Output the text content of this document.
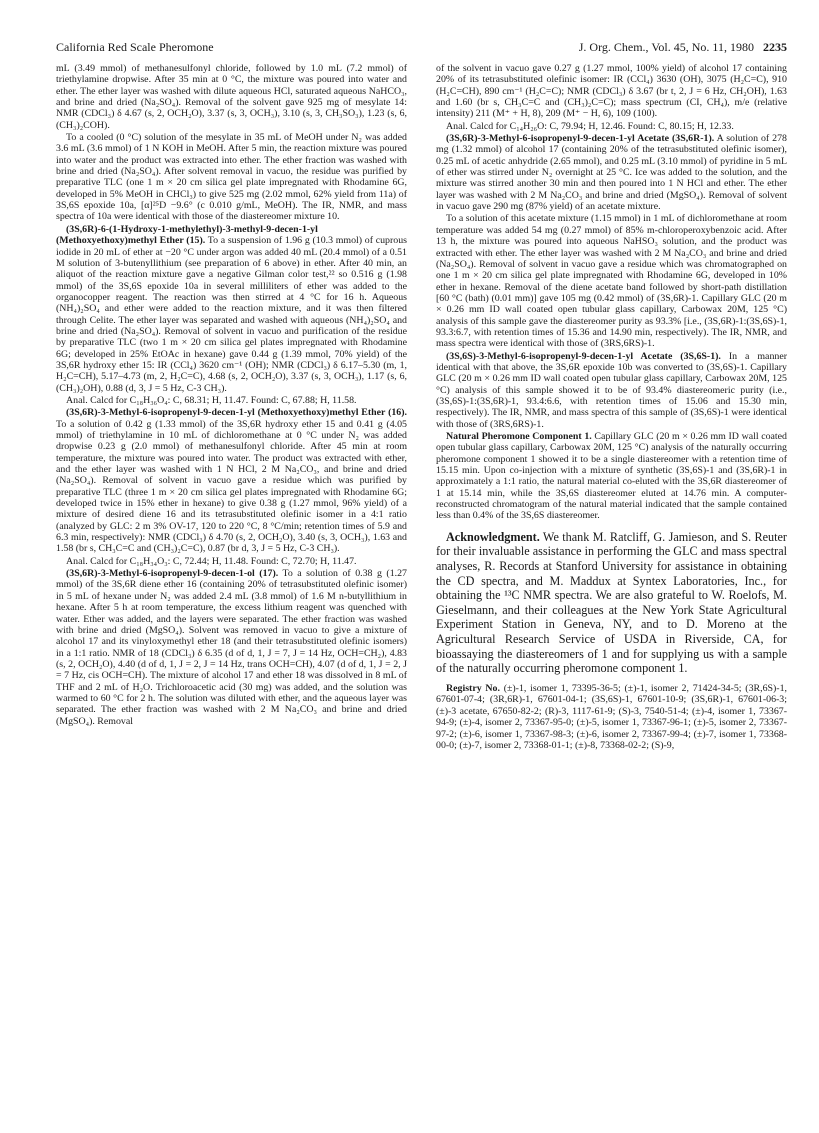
California Red Scale Pheromone	J. Org. Chem., Vol. 45, No. 11, 1980 2235

mL (3.49 mmol) of methanesulfonyl chloride, followed by 1.0 mL (7.2 mmol) of triethylamine dropwise. After 35 min at 0 °C, the mixture was poured into water and ether. The ether layer was washed with dilute aqueous HCl, saturated aqueous NaHCO₃, and brine and dried (Na₂SO₄). Removal of the solvent gave 925 mg of mesylate 14: NMR (CDCl₃) δ 4.67 (s, 2, OCH₂O), 3.37 (s, 3, OCH₃), 3.10 (s, 3, CH₃SO₃), 1.23 (s, 6, (CH₃)₂COH).

To a cooled (0 °C) solution of the mesylate in 35 mL of MeOH under N₂ was added 3.6 mL (3.6 mmol) of 1 N KOH in MeOH. After 5 min, the reaction mixture was poured into water and the product was extracted into ether. The ether fraction was washed with brine and dried (Na₂SO₄). After solvent removal in vacuo, the residue was purified by preparative TLC (one 1 m × 20 cm silica gel plate impregnated with Rhodamine 6G, developed in 5% MeOH in CHCl₃) to give 525 mg (2.02 mmol, 62% yield from 11a) of 3S,6S epoxide 10a, [α]²⁵D −9.6° (c 0.010 g/mL, MeOH). The IR, NMR, and mass spectra of 10a were identical with those of the diastereomer mixture 10.

(3S,6R)-6-(1-Hydroxy-1-methylethyl)-3-methyl-9-decen-1-yl (Methoxyethoxy)methyl Ether (15). To a suspension of 1.96 g (10.3 mmol) of cuprous iodide in 20 mL of ether at −20 °C under argon was added 40 mL (20.4 mmol) of a 0.51 M solution of 3-butenyllithium (see preparation of 6 above) in ether. After 40 min, an aliquot of the reaction mixture gave a negative Gilman color test,²² so 0.516 g (1.98 mmol) of the 3S,6S epoxide 10a in several milliliters of ether was added to the organocopper reagent. The reaction was then stirred at 4 °C for 16 h. Aqueous (NH₄)₂SO₄ and ether were added to the reaction mixture, and it was then filtered through Celite. The ether layer was separated and washed with aqueous (NH₄)₂SO₄ and brine and dried (Na₂SO₄). Removal of solvent in vacuo and purification of the residue by preparative TLC (two 1 m × 20 cm silica gel plates impregnated with Rhodamine 6G; developed in 25% EtOAc in hexane) gave 0.44 g (1.39 mmol, 70% yield) of the 3S,6R hydroxy ether 15: IR (CCl₄) 3620 cm⁻¹ (OH); NMR (CDCl₃) δ 6.17–5.30 (m, 1, H₂C=CH), 5.17–4.73 (m, 2, H₂C=C), 4.68 (s, 2, OCH₂O), 3.37 (s, 3, OCH₃), 1.17 (s, 6, (CH₃)₂OH), 0.88 (d, 3, J = 5 Hz, C-3 CH₃).

Anal. Calcd for C₁₈H₃₆O₄: C, 68.31; H, 11.47. Found: C, 67.88; H, 11.58.

(3S,6R)-3-Methyl-6-isopropenyl-9-decen-1-yl (Methoxyethoxy)methyl Ether (16). To a solution of 0.42 g (1.33 mmol) of the 3S,6R hydroxy ether 15 and 0.41 g (4.05 mmol) of triethylamine in 10 mL of dichloromethane at 0 °C under N₂ was added dropwise 0.23 g (2.0 mmol) of methanesulfonyl chloride. After 45 min at room temperature, the mixture was poured into water. The product was extracted with ether, and the ether layer was washed with 1 N HCl, 2 M Na₂CO₃, and brine and dried (Na₂SO₄). Removal of solvent in vacuo gave a residue which was purified by preparative TLC (three 1 m × 20 cm silica gel plates impregnated with Rhodamine 6G; developed twice in 15% ether in hexane) to give 0.38 g (1.27 mmol, 96% yield) of a mixture of desired diene 16 and its tetrasubstituted olefinic isomer in a 4:1 ratio (analyzed by GLC: 2 m 3% OV-17, 120 to 220 °C, 8 °C/min; retention times of 5.9 and 6.3 min, respectively): NMR (CDCl₃) δ 4.70 (s, 2, OCH₂O), 3.40 (s, 3, OCH₃), 1.63 and 1.58 (br s, CH₃C=C and (CH₃)₂C=C), 0.87 (br d, 3, J = 5 Hz, C-3 CH₃).

Anal. Calcd for C₁₈H₃₄O₃: C, 72.44; H, 11.48. Found: C, 72.70; H, 11.47.

(3S,6R)-3-Methyl-6-isopropenyl-9-decen-1-ol (17). To a solution of 0.38 g (1.27 mmol) of the 3S,6R diene ether 16 (containing 20% of tetrasubstituted olefinic isomer) in 5 mL of hexane under N₂ was added 2.4 mL (3.8 mmol) of 1.6 M n-butyllithium in hexane. After 5 h at room temperature, the excess lithium reagent was quenched with water. Ether was added, and the layers were separated. The ether fraction was washed with brine and dried (MgSO₄). Solvent was removed in vacuo to give a mixture of alcohol 17 and its vinyloxymethyl ether 18 (and their tetrasubstituted olefinic isomers) in a 1:1 ratio. NMR of 18 (CDCl₃) δ 6.35 (d of d, 1, J = 7, J = 14 Hz, OCH=CH₂), 4.83 (s, 2, OCH₂O), 4.40 (d of d, 1, J = 2, J = 14 Hz, trans OCH=CH), 4.07 (d of d, 1, J = 2, J = 7 Hz, cis OCH=CH). The mixture of alcohol 17 and ether 18 was dissolved in 8 mL of THF and 2 mL of H₂O. Trichloroacetic acid (30 mg) was added, and the solution was warmed to 60 °C for 2 h. The solution was diluted with ether, and the aqueous layer was separated. The ether fraction was washed with 2 M Na₂CO₃ and brine and dried (MgSO₄). Removal

of the solvent in vacuo gave 0.27 g (1.27 mmol, 100% yield) of alcohol 17 containing 20% of its tetrasubstituted olefinic isomer: IR (CCl₄) 3630 (OH), 3075 (H₂C=C), 910 (H₂C=CH), 890 cm⁻¹ (H₂C=C); NMR (CDCl₃) δ 3.67 (br t, 2, J = 6 Hz, CH₂OH), 1.63 and 1.60 (br s, CH₃C=C and (CH₃)₂C=C); mass spectrum (CI, CH₄), m/e (relative intensity) 211 (M⁺ + H, 8), 209 (M⁺ − H, 6), 109 (100).

Anal. Calcd for C₁₄H₂₆O: C, 79.94; H, 12.46. Found: C, 80.15; H, 12.33.

(3S,6R)-3-Methyl-6-isopropenyl-9-decen-1-yl Acetate (3S,6R-1). A solution of 278 mg (1.32 mmol) of alcohol 17 (containing 20% of the tetrasubstituted olefinic isomer), 0.25 mL of acetic anhydride (2.65 mmol), and 0.25 mL (3.10 mmol) of pyridine in 5 mL of ether was stirred under N₂ overnight at 25 °C. Ice was added to the solution, and the mixture was stirred another 30 min and then poured into 1 N HCl and ether. The ether layer was washed with 2 M Na₂CO₃ and brine and dried (MgSO₄). Removal of solvent in vacuo gave 290 mg (87% yield) of an acetate mixture.

To a solution of this acetate mixture (1.15 mmol) in 1 mL of dichloromethane at room temperature was added 54 mg (0.27 mmol) of 85% m-chloroperoxybenzoic acid. After 13 h, the mixture was poured into aqueous NaHSO₃ solution, and the product was extracted with ether. The ether layer was washed with 2 M Na₂CO₃ and brine and dried (Na₂SO₄). Removal of solvent in vacuo gave a residue which was chromatographed on one 1 m × 20 cm silica gel plate impregnated with Rhodamine 6G, developed in 10% ether in hexane. Removal of the diene acetate band followed by short-path distillation [60 °C (bath) (0.01 mm)] gave 105 mg (0.42 mmol) of (3S,6R)-1. Capillary GLC (20 m × 0.26 mm ID wall coated open tubular glass capillary, Carbowax 20M, 125 °C) analysis of this sample gave the diastereomer purity as 93.3% [i.e., (3S,6R)-1:(3S,6S)-1, 93.3:6.7, with retention times of 15.36 and 14.90 min, respectively). The IR, NMR, and mass spectra were identical with those of (3RS,6RS)-1.

(3S,6S)-3-Methyl-6-isopropenyl-9-decen-1-yl Acetate (3S,6S-1). In a manner identical with that above, the 3S,6R epoxide 10b was converted to (3S,6S)-1. Capillary GLC (20 m × 0.26 mm ID wall coated open tubular glass capillary, Carbowax 20M, 125 °C) analysis of this sample showed it to be of 93.4% diastereomeric purity (i.e., (3S,6S)-1:(3S,6R)-1, 93.4:6.6, with retention times of 15.06 and 15.30 min, respectively). The IR, NMR, and mass spectra of this sample of (3S,6S)-1 were identical with those of (3RS,6RS)-1.

Natural Pheromone Component 1. Capillary GLC (20 m × 0.26 mm ID wall coated open tubular glass capillary, Carbowax 20M, 125 °C) analysis of the naturally occurring pheromone component 1 showed it to be a single diastereomer with a retention time of 15.15 min. Upon co-injection with a mixture of synthetic (3S,6S)-1 and (3S,6R)-1 in approximately a 1:1 ratio, the natural material co-eluted with the 3S,6R diastereomer of 1 at 15.14 min, while the 3S,6S diastereomer eluted at 14.76 min. A computer-reconstructed chromatogram of the natural material indicated that the sample contained less than 0.4% of the 3S,6S diastereomer.

Acknowledgment. We thank M. Ratcliff, G. Jamieson, and S. Reuter for their invaluable assistance in performing the GLC and mass spectral analyses, R. Records at Stanford University for assistance in obtaining the CD spectra, and M. Maddux at Syntex Laboratories, Inc., for obtaining the ¹³C NMR spectra. We are also grateful to W. Roelofs, M. Gieselmann, and their colleagues at the New York State Agricultural Experiment Station in Geneva, NY, and to D. Moreno at the Agricultural Research Service of USDA in Riverside, CA, for bioassaying the diastereomers of 1 and for supplying us with a sample of the naturally occurring pheromone component 1.

Registry No. (±)-1, isomer 1, 73395-36-5; (±)-1, isomer 2, 71424-34-5; (3R,6S)-1, 67601-07-4; (3R,6R)-1, 67601-04-1; (3S,6S)-1, 67601-10-9; (3S,6R)-1, 67601-06-3; (±)-3 acetate, 67650-82-2; (R)-3, 1117-61-9; (S)-3, 7540-51-4; (±)-4, isomer 1, 73367-94-9; (±)-4, isomer 2, 73367-95-0; (±)-5, isomer 1, 73367-96-1; (±)-5, isomer 2, 73367-97-2; (±)-6, isomer 1, 73367-98-3; (±)-6, isomer 2, 73367-99-4; (±)-7, isomer 1, 73368-00-0; (±)-7, isomer 2, 73368-01-1; (±)-8, 73368-02-2; (S)-9,
